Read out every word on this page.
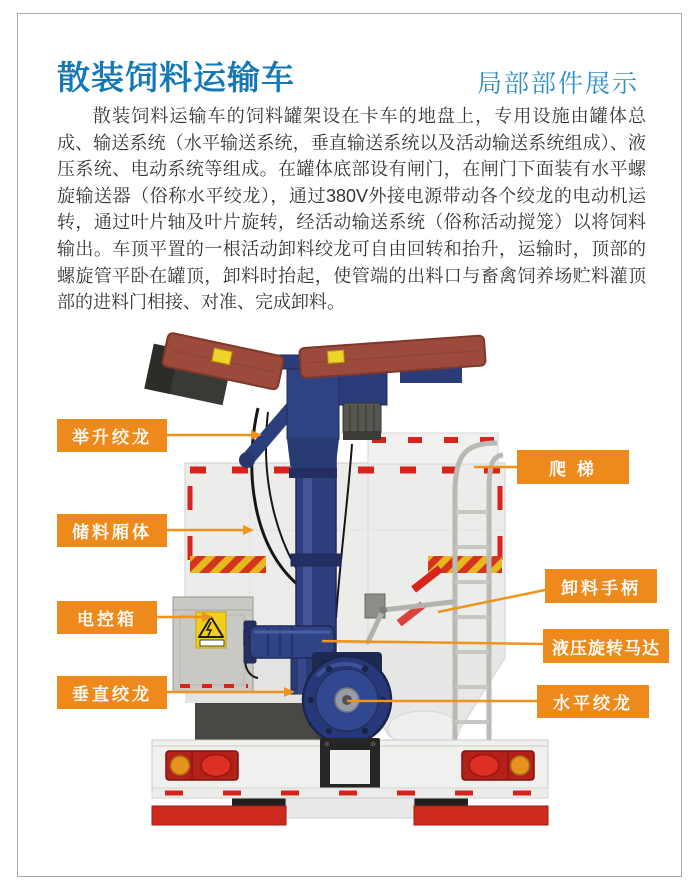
散装饲料运输车	局部部件展示
散装饲料运输车的饲料罐架设在卡车的地盘上，专用设施由罐体总成、输送系统（水平输送系统，垂直输送系统以及活动输送系统组成）、液压系统、电动系统等组成。在罐体底部设有闸门，在闸门下面装有水平螺旋输送器（俗称水平绞龙），通过380V外接电源带动各个绞龙的电动机运转，通过叶片轴及叶片旋转，经活动输送系统（俗称活动搅笼）以将饲料输出。车顶平置的一根活动卸料绞龙可自由回转和抬升，运输时，顶部的螺旋管平卧在罐顶，卸料时抬起，使管端的出料口与畜禽饲养场贮料灌顶部的进料门相接、对准、完成卸料。
举升绞龙
储料厢体
电控箱
垂直绞龙
爬 梯
卸料手柄
液压旋转马达
水平绞龙
